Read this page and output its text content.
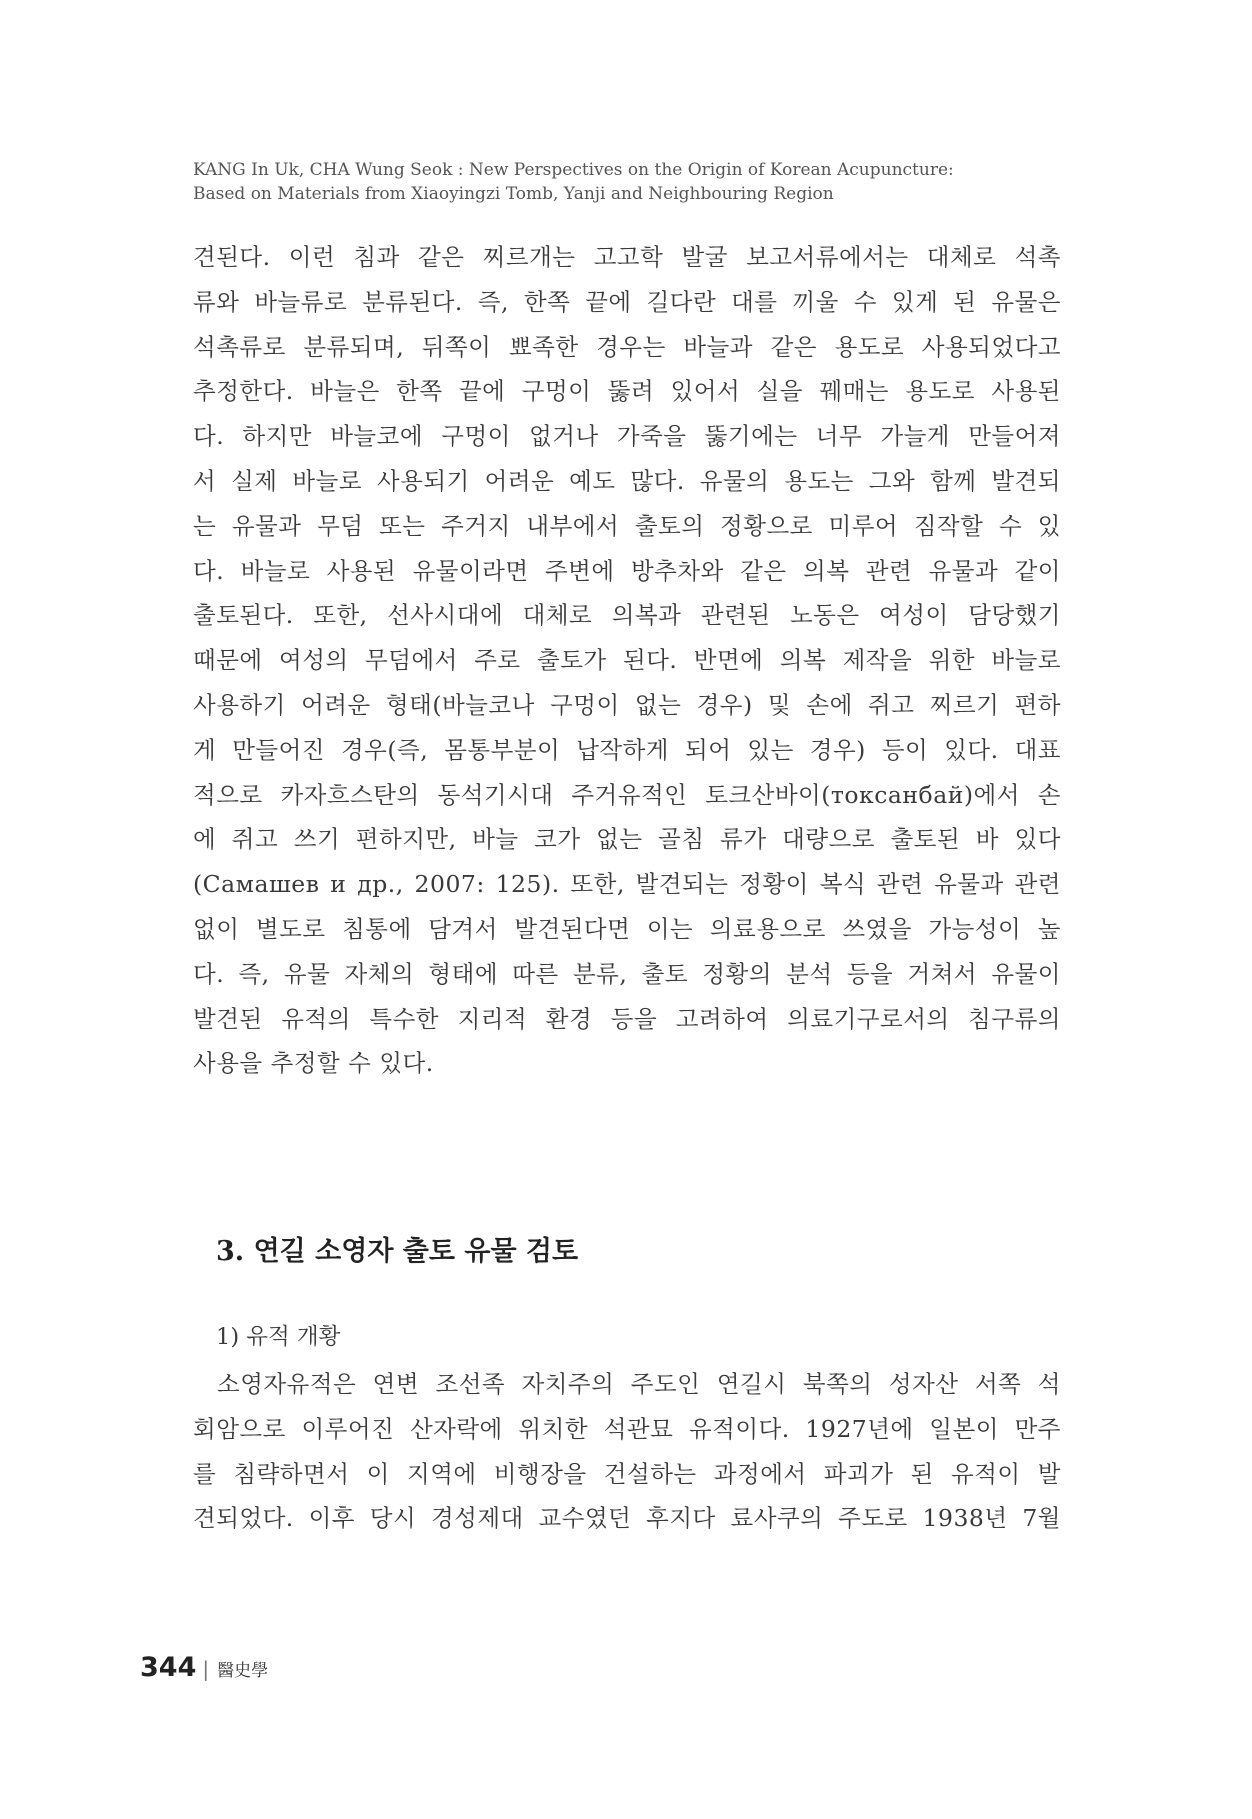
KANG In Uk, CHA Wung Seok : New Perspectives on the Origin of Korean Acupuncture:
Based on Materials from Xiaoyingzi Tomb, Yanji and Neighbouring Region
견된다. 이런 침과 같은 찌르개는 고고학 발굴 보고서류에서는 대체로 석촉
류와 바늘류로 분류된다. 즉, 한쪽 끝에 길다란 대를 끼울 수 있게 된 유물은
석촉류로 분류되며, 뒤쪽이 뾰족한 경우는 바늘과 같은 용도로 사용되었다고
추정한다. 바늘은 한쪽 끝에 구멍이 뚫려 있어서 실을 꿰매는 용도로 사용된
다. 하지만 바늘코에 구멍이 없거나 가죽을 뚫기에는 너무 가늘게 만들어져
서 실제 바늘로 사용되기 어려운 예도 많다. 유물의 용도는 그와 함께 발견되
는 유물과 무덤 또는 주거지 내부에서 출토의 정황으로 미루어 짐작할 수 있
다. 바늘로 사용된 유물이라면 주변에 방추차와 같은 의복 관련 유물과 같이
출토된다. 또한, 선사시대에 대체로 의복과 관련된 노동은 여성이 담당했기
때문에 여성의 무덤에서 주로 출토가 된다. 반면에 의복 제작을 위한 바늘로
사용하기 어려운 형태(바늘코나 구멍이 없는 경우) 및 손에 쥐고 찌르기 편하
게 만들어진 경우(즉, 몸통부분이 납작하게 되어 있는 경우) 등이 있다. 대표
적으로 카자흐스탄의 동석기시대 주거유적인 토크산바이(токсанбай)에서 손
에 쥐고 쓰기 편하지만, 바늘 코가 없는 골침 류가 대량으로 출토된 바 있다
(Самашев и др., 2007: 125). 또한, 발견되는 정황이 복식 관련 유물과 관련
없이 별도로 침통에 담겨서 발견된다면 이는 의료용으로 쓰였을 가능성이 높
다. 즉, 유물 자체의 형태에 따른 분류, 출토 정황의 분석 등을 거쳐서 유물이
발견된 유적의 특수한 지리적 환경 등을 고려하여 의료기구로서의 침구류의
사용을 추정할 수 있다.
3. 연길 소영자 출토 유물 검토
1) 유적 개황
소영자유적은 연변 조선족 자치주의 주도인 연길시 북쪽의 성자산 서쪽 석
회암으로 이루어진 산자락에 위치한 석관묘 유적이다. 1927년에 일본이 만주
를 침략하면서 이 지역에 비행장을 건설하는 과정에서 파괴가 된 유적이 발
견되었다. 이후 당시 경성제대 교수였던 후지다 료사쿠의 주도로 1938년 7월
344 | 醫史學
